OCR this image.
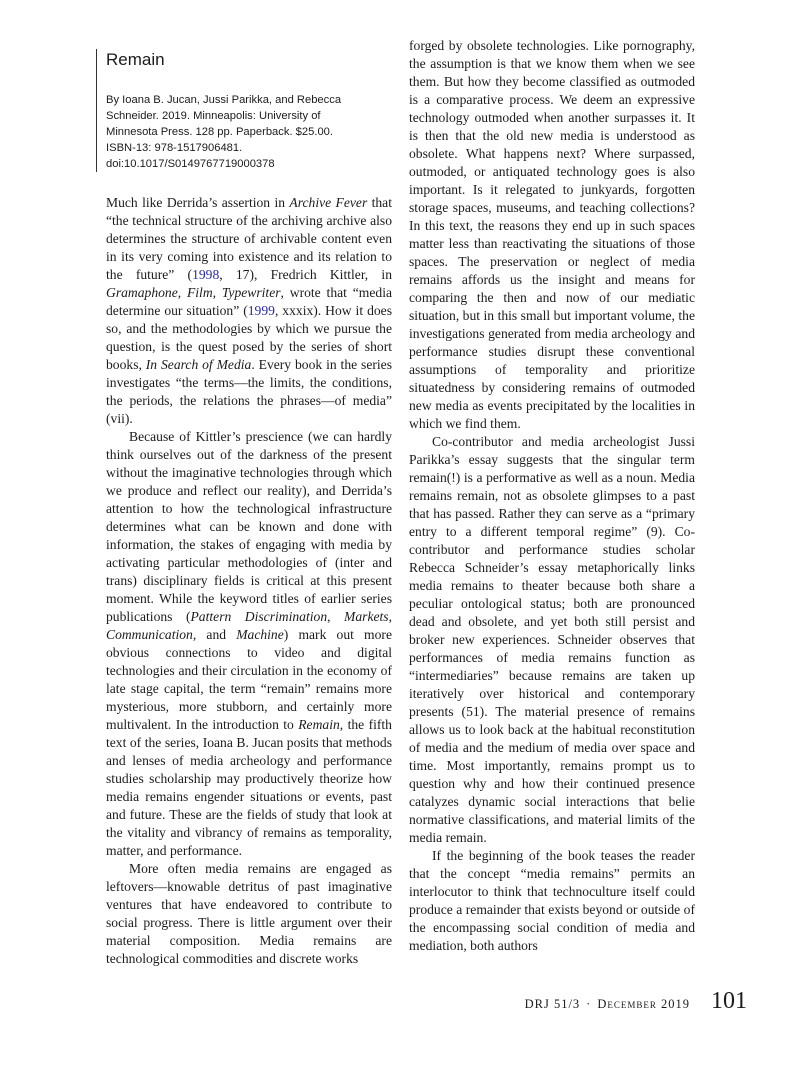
Remain

By Ioana B. Jucan, Jussi Parikka, and Rebecca
Schneider. 2019. Minneapolis: University of
Minnesota Press. 128 pp. Paperback. $25.00.
ISBN-13: 978-1517906481.
doi:10.1017/S0149767719000378

Much like Derrida’s assertion in Archive Fever that “the technical structure of the archiving archive also determines the structure of archivable content even in its very coming into existence and its relation to the future” (1998, 17), Fredrich Kittler, in Gramaphone, Film, Typewriter, wrote that “media determine our situation” (1999, xxxix). How it does so, and the methodologies by which we pursue the question, is the quest posed by the series of short books, In Search of Media. Every book in the series investigates “the terms—the limits, the conditions, the periods, the relations the phrases—of media” (vii).

Because of Kittler’s prescience (we can hardly think ourselves out of the darkness of the present without the imaginative technologies through which we produce and reflect our reality), and Derrida’s attention to how the technological infrastructure determines what can be known and done with information, the stakes of engaging with media by activating particular methodologies of (inter and trans) disciplinary fields is critical at this present moment. While the keyword titles of earlier series publications (Pattern Discrimination, Markets, Communication, and Machine) mark out more obvious connections to video and digital technologies and their circulation in the economy of late stage capital, the term “remain” remains more mysterious, more stubborn, and certainly more multivalent. In the introduction to Remain, the fifth text of the series, Ioana B. Jucan posits that methods and lenses of media archeology and performance studies scholarship may productively theorize how media remains engender situations or events, past and future. These are the fields of study that look at the vitality and vibrancy of remains as temporality, matter, and performance.

More often media remains are engaged as leftovers—knowable detritus of past imaginative ventures that have endeavored to contribute to social progress. There is little argument over their material composition. Media remains are technological commodities and discrete works

forged by obsolete technologies. Like pornography, the assumption is that we know them when we see them. But how they become classified as outmoded is a comparative process. We deem an expressive technology outmoded when another surpasses it. It is then that the old new media is understood as obsolete. What happens next? Where surpassed, outmoded, or antiquated technology goes is also important. Is it relegated to junkyards, forgotten storage spaces, museums, and teaching collections? In this text, the reasons they end up in such spaces matter less than reactivating the situations of those spaces. The preservation or neglect of media remains affords us the insight and means for comparing the then and now of our mediatic situation, but in this small but important volume, the investigations generated from media archeology and performance studies disrupt these conventional assumptions of temporality and prioritize situatedness by considering remains of outmoded new media as events precipitated by the localities in which we find them.

Co-contributor and media archeologist Jussi Parikka’s essay suggests that the singular term remain(!) is a performative as well as a noun. Media remains remain, not as obsolete glimpses to a past that has passed. Rather they can serve as a “primary entry to a different temporal regime” (9). Co-contributor and performance studies scholar Rebecca Schneider’s essay metaphorically links media remains to theater because both share a peculiar ontological status; both are pronounced dead and obsolete, and yet both still persist and broker new experiences. Schneider observes that performances of media remains function as “intermediaries” because remains are taken up iteratively over historical and contemporary presents (51). The material presence of remains allows us to look back at the habitual reconstitution of media and the medium of media over space and time. Most importantly, remains prompt us to question why and how their continued presence catalyzes dynamic social interactions that belie normative classifications, and material limits of the media remain.

If the beginning of the book teases the reader that the concept “media remains” permits an interlocutor to think that technoculture itself could produce a remainder that exists beyond or outside of the encompassing social condition of media and mediation, both authors

DRJ 51/3 · December 2019 101
